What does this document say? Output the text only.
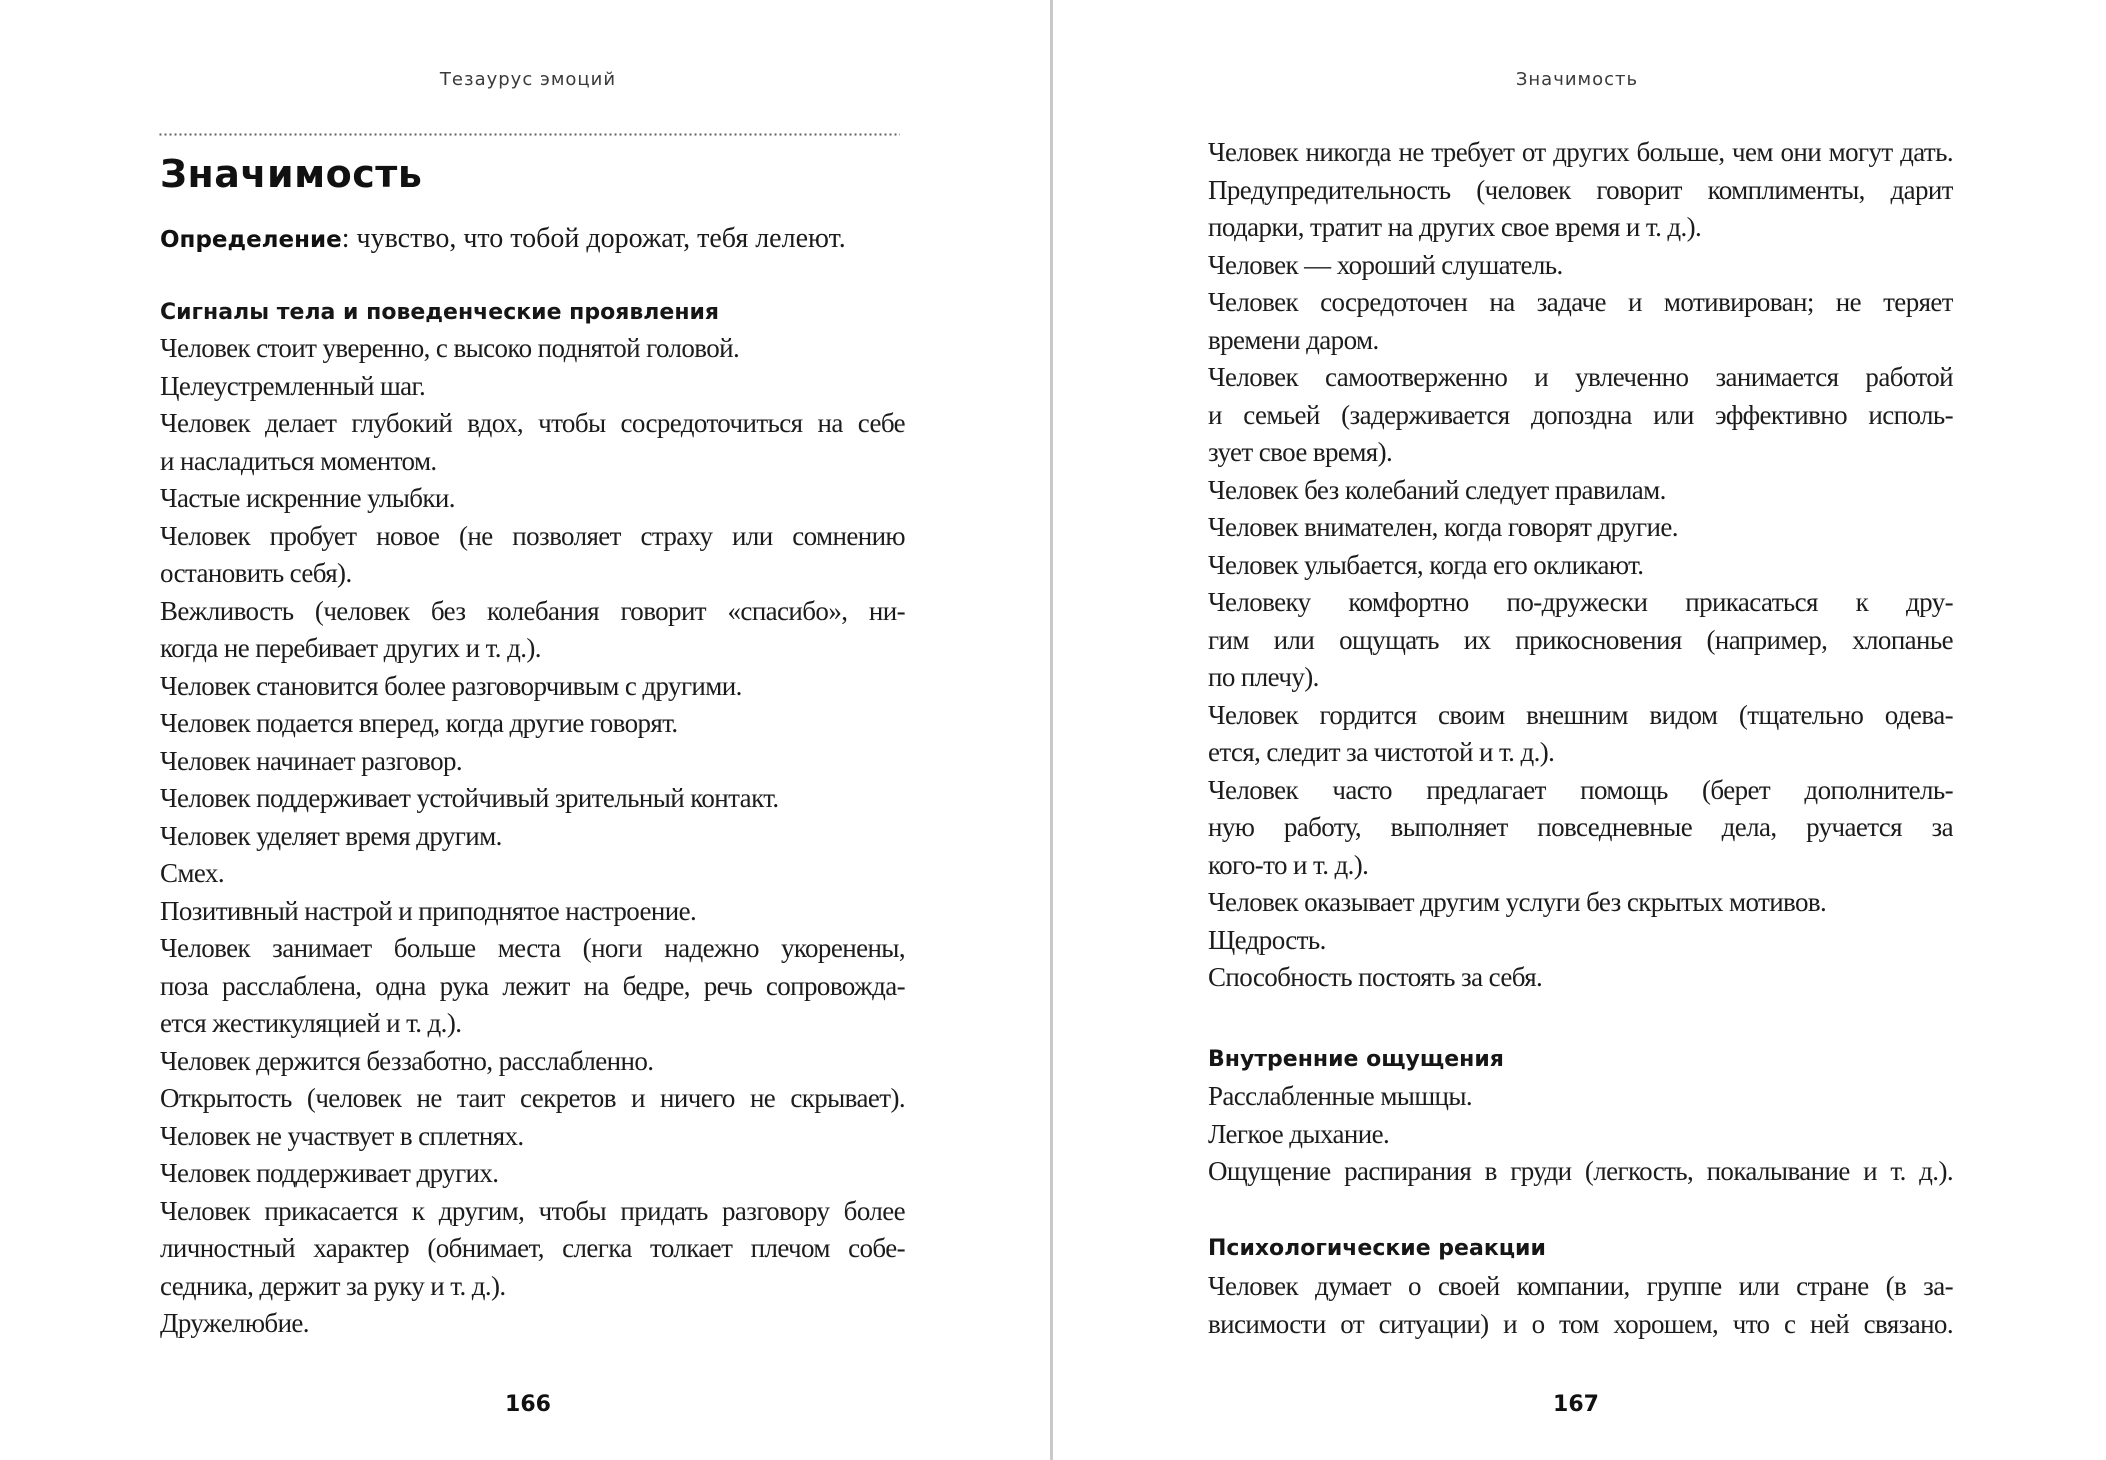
Тезаурус эмоций
Значимость
Определение: чувство, что тобой дорожат, тебя лелеют.
Сигналы тела и поведенческие проявления
Человек стоит уверенно, с высоко поднятой головой.
Целеустремленный шаг.
Человек делает глубокий вдох, чтобы сосредоточиться на себе
и насладиться моментом.
Частые искренние улыбки.
Человек пробует новое (не позволяет страху или сомнению
остановить себя).
Вежливость (человек без колебания говорит «спасибо», ни-
когда не перебивает других и т. д.).
Человек становится более разговорчивым с другими.
Человек подается вперед, когда другие говорят.
Человек начинает разговор.
Человек поддерживает устойчивый зрительный контакт.
Человек уделяет время другим.
Смех.
Позитивный настрой и приподнятое настроение.
Человек занимает больше места (ноги надежно укоренены,
поза расслаблена, одна рука лежит на бедре, речь сопровожда-
ется жестикуляцией и т. д.).
Человек держится беззаботно, расслабленно.
Открытость (человек не таит секретов и ничего не скрывает).
Человек не участвует в сплетнях.
Человек поддерживает других.
Человек прикасается к другим, чтобы придать разговору более
личностный характер (обнимает, слегка толкает плечом собе-
седника, держит за руку и т. д.).
Дружелюбие.
166
Значимость
Человек никогда не требует от других больше, чем они могут дать.
Предупредительность (человек говорит комплименты, дарит
подарки, тратит на других свое время и т. д.).
Человек — хороший слушатель.
Человек сосредоточен на задаче и мотивирован; не теряет
времени даром.
Человек самоотверженно и увлеченно занимается работой
и семьей (задерживается допоздна или эффективно исполь-
зует свое время).
Человек без колебаний следует правилам.
Человек внимателен, когда говорят другие.
Человек улыбается, когда его окликают.
Человеку комфортно по-дружески прикасаться к дру-
гим или ощущать их прикосновения (например, хлопанье
по плечу).
Человек гордится своим внешним видом (тщательно одева-
ется, следит за чистотой и т. д.).
Человек часто предлагает помощь (берет дополнитель-
ную работу, выполняет повседневные дела, ручается за
кого-то и т. д.).
Человек оказывает другим услуги без скрытых мотивов.
Щедрость.
Способность постоять за себя.
Внутренние ощущения
Расслабленные мышцы.
Легкое дыхание.
Ощущение распирания в груди (легкость, покалывание и т. д.).
Психологические реакции
Человек думает о своей компании, группе или стране (в за-
висимости от ситуации) и о том хорошем, что с ней связано.
167
